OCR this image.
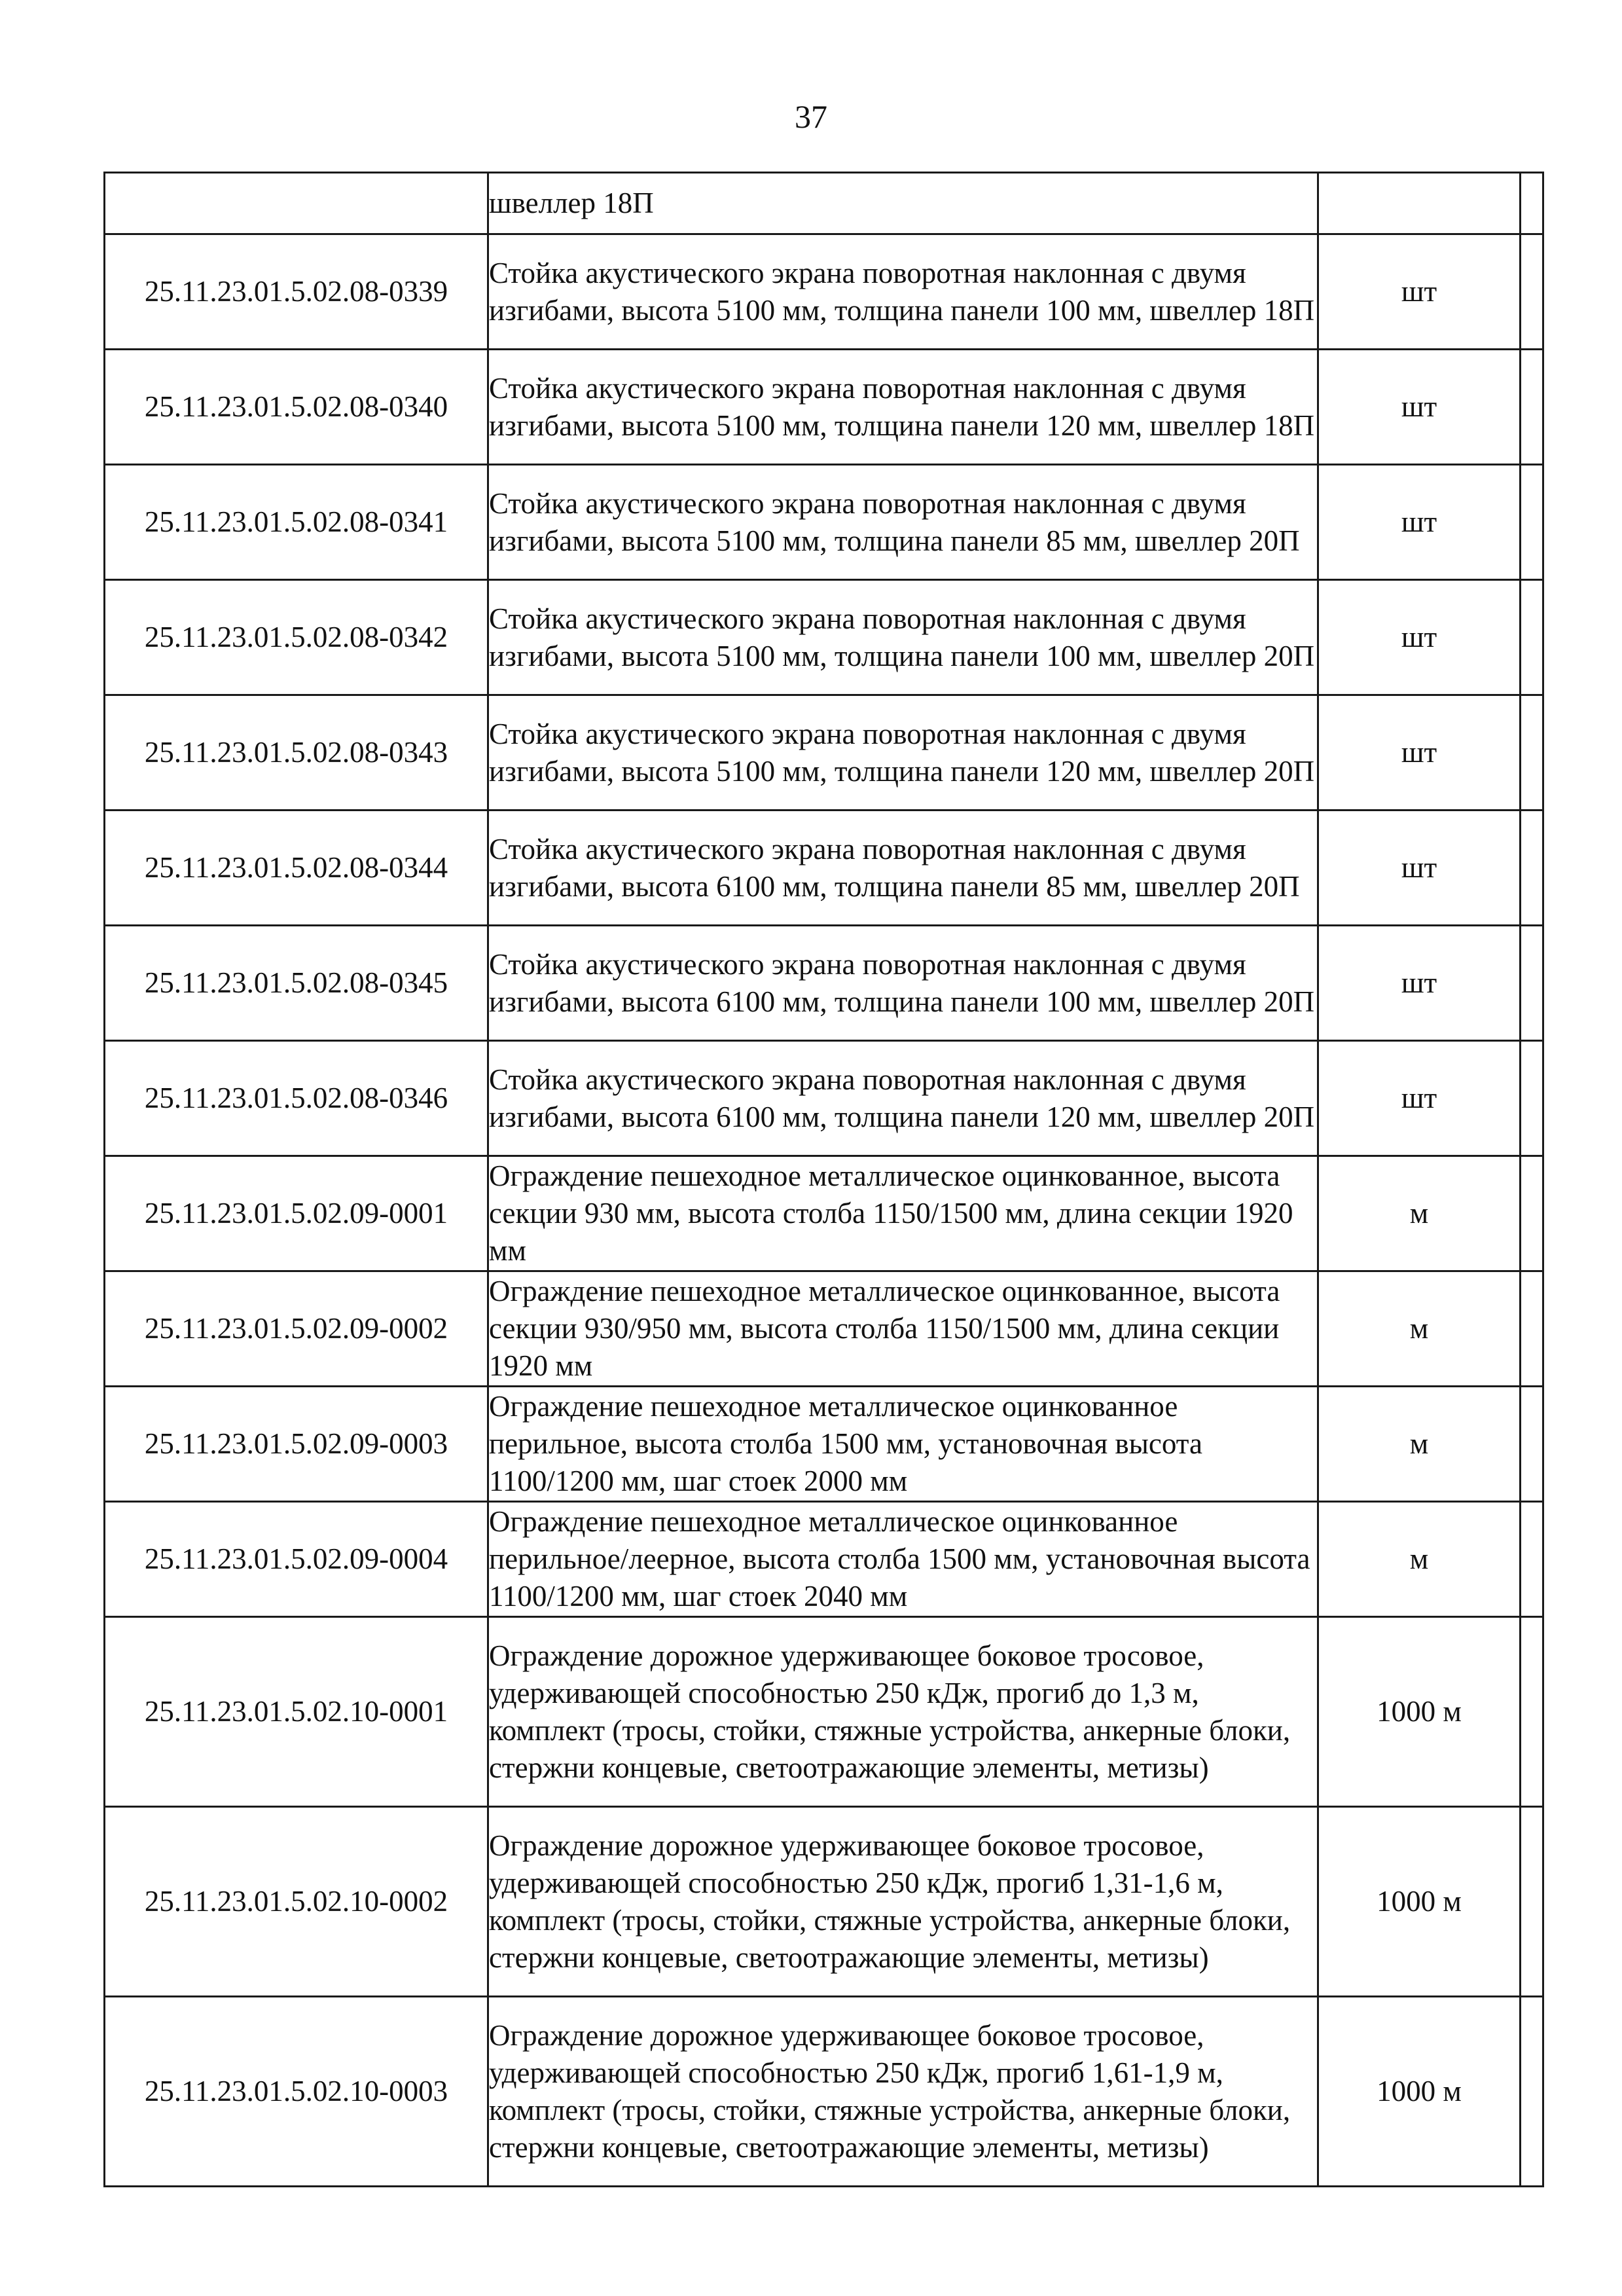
37
	швеллер 18П		
25.11.23.01.5.02.08-0339	Стойка акустического экрана поворотная наклонная с двумя изгибами, высота 5100 мм, толщина панели 100 мм, швеллер 18П	шт	
25.11.23.01.5.02.08-0340	Стойка акустического экрана поворотная наклонная с двумя изгибами, высота 5100 мм, толщина панели 120 мм, швеллер 18П	шт	
25.11.23.01.5.02.08-0341	Стойка акустического экрана поворотная наклонная с двумя изгибами, высота 5100 мм, толщина панели 85 мм, швеллер 20П	шт	
25.11.23.01.5.02.08-0342	Стойка акустического экрана поворотная наклонная с двумя изгибами, высота 5100 мм, толщина панели 100 мм, швеллер 20П	шт	
25.11.23.01.5.02.08-0343	Стойка акустического экрана поворотная наклонная с двумя изгибами, высота 5100 мм, толщина панели 120 мм, швеллер 20П	шт	
25.11.23.01.5.02.08-0344	Стойка акустического экрана поворотная наклонная с двумя изгибами, высота 6100 мм, толщина панели 85 мм, швеллер 20П	шт	
25.11.23.01.5.02.08-0345	Стойка акустического экрана поворотная наклонная с двумя изгибами, высота 6100 мм, толщина панели 100 мм, швеллер 20П	шт	
25.11.23.01.5.02.08-0346	Стойка акустического экрана поворотная наклонная с двумя изгибами, высота 6100 мм, толщина панели 120 мм, швеллер 20П	шт	
25.11.23.01.5.02.09-0001	Ограждение пешеходное металлическое оцинкованное, высота секции 930 мм, высота столба 1150/1500 мм, длина секции 1920 мм	м	
25.11.23.01.5.02.09-0002	Ограждение пешеходное металлическое оцинкованное, высота секции 930/950 мм, высота столба 1150/1500 мм, длина секции 1920 мм	м	
25.11.23.01.5.02.09-0003	Ограждение пешеходное металлическое оцинкованное перильное, высота столба 1500 мм, установочная высота 1100/1200 мм, шаг стоек 2000 мм	м	
25.11.23.01.5.02.09-0004	Ограждение пешеходное металлическое оцинкованное перильное/леерное, высота столба 1500 мм, установочная высота 1100/1200 мм, шаг стоек 2040 мм	м	
25.11.23.01.5.02.10-0001	Ограждение дорожное удерживающее боковое тросовое, удерживающей способностью 250 кДж, прогиб до 1,3 м, комплект (тросы, стойки, стяжные устройства, анкерные блоки, стержни концевые, светоотражающие элементы, метизы)	1000 м	
25.11.23.01.5.02.10-0002	Ограждение дорожное удерживающее боковое тросовое, удерживающей способностью 250 кДж, прогиб 1,31-1,6 м, комплект (тросы, стойки, стяжные устройства, анкерные блоки, стержни концевые, светоотражающие элементы, метизы)	1000 м	
25.11.23.01.5.02.10-0003	Ограждение дорожное удерживающее боковое тросовое, удерживающей способностью 250 кДж, прогиб 1,61-1,9 м, комплект (тросы, стойки, стяжные устройства, анкерные блоки, стержни концевые, светоотражающие элементы, метизы)	1000 м	
